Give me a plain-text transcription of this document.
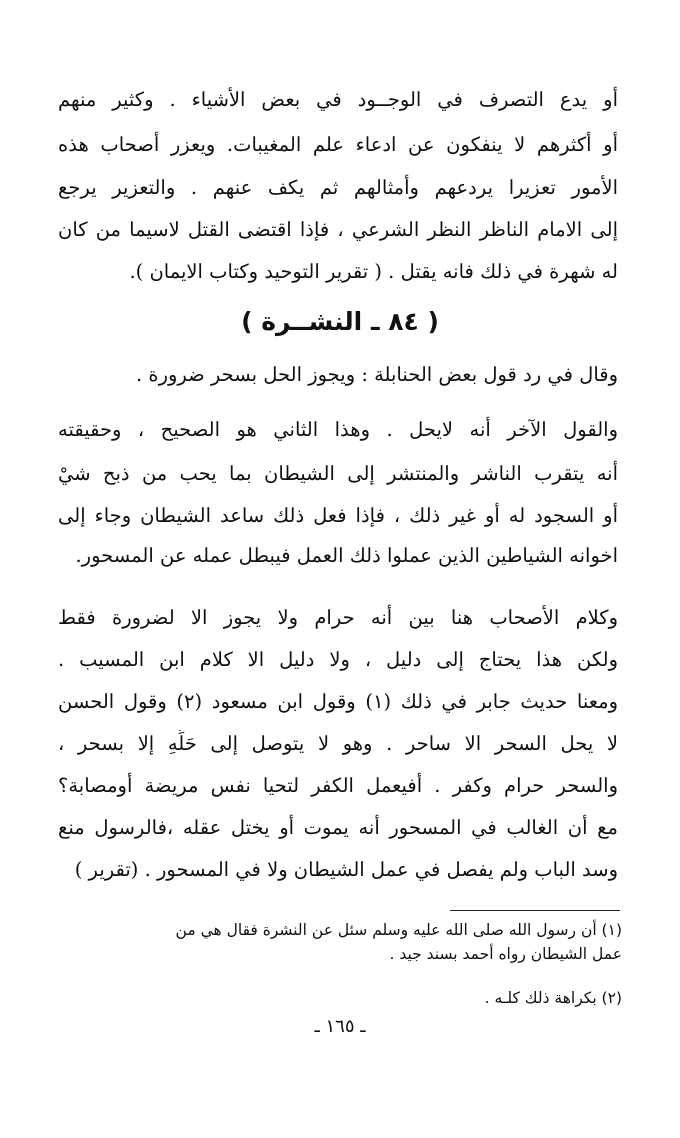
أو يدع التصرف في الوجــود في بعض الأشياء . وكثير منهم
أو أكثرهم لا ينفكون عن ادعاء علم المغيبات. ويعزر أصحاب هذه
الأمور تعزيرا يردعهم وأمثالهم ثم يكف عنهم . والتعزير يرجع
إلى الامام الناظر النظر الشرعي ، فإذا اقتضى القتل لاسيما من كان
له شهرة في ذلك فانه يقتل . ( تقرير التوحيد وكتاب الايمان ).
( ٨٤ ـ النشــرة )
وقال في رد قول بعض الحنابلة : ويجوز الحل بسحر ضرورة .
والقول الآخر أنه لايحل . وهذا الثاني هو الصحيح ، وحقيقته
أنه يتقرب الناشر والمنتشر إلى الشيطان بما يحب من ذبح شيْ
أو السجود له أو غير ذلك ، فإذا فعل ذلك ساعد الشيطان وجاء إلى
اخوانه الشياطين الذين عملوا ذلك العمل فيبطل عمله عن المسحور.
وكلام الأصحاب هنا بين أنه حرام ولا يجوز الا لضرورة فقط
ولكن هذا يحتاج إلى دليل ، ولا دليل الا كلام ابن المسيب .
ومعنا حديث جابر في ذلك (١) وقول ابن مسعود (٢) وقول الحسن
لا يحل السحر الا ساحر . وهو لا يتوصل إلى حَلِّهِ إلا بسحر ،
والسحر حرام وكفر . أفيعمل الكفر لتحيا نفس مريضة أومصابة؟
مع أن الغالب في المسحور أنه يموت أو يختل عقله ،فالرسول منع
وسد الباب ولم يفصل في عمل الشيطان ولا في المسحور . (تقرير )
(١) أن رسول الله صلى الله عليه وسلم سئل عن النشرة فقال هي من
عمل الشيطان رواه أحمد بسند جيد .
(٢) بكراهة ذلك كلـه .
ـ ١٦٥ ـ
